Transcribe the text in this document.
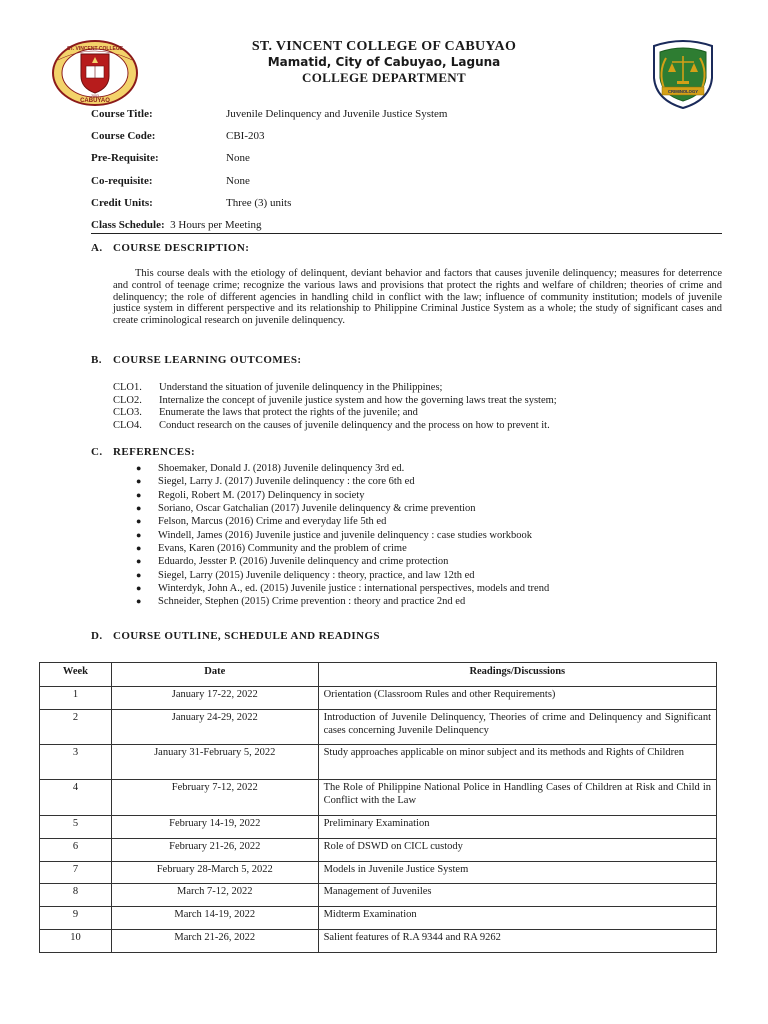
ST. VINCENT COLLEGE
CABUYAO
2003
CRIMINOLOGY
ST. VINCENT COLLEGE OF CABUYAO
Mamatid, City of Cabuyao, Laguna
COLLEGE DEPARTMENT
Course Title:	Juvenile Delinquency and Juvenile Justice System
Course Code:	CBI-203
Pre-Requisite:	None
Co-requisite:	None
Credit Units:	Three (3) units
Class Schedule: 3 Hours per Meeting
A. COURSE DESCRIPTION:
This course deals with the etiology of delinquent, deviant behavior and factors that causes juvenile delinquency; measures for deterrence and control of teenage crime; recognize the various laws and provisions that protect the rights and welfare of children; theories of crime and delinquency; the role of different agencies in handling child in conflict with the law; influence of community institution; models of juvenile justice system in different perspective and its relationship to Philippine Criminal Justice System as a whole; the study of significant cases and create criminological research on juvenile delinquency.
B. COURSE LEARNING OUTCOMES:
CLO1. Understand the situation of juvenile delinquency in the Philippines;
CLO2. Internalize the concept of juvenile justice system and how the governing laws treat the system;
CLO3. Enumerate the laws that protect the rights of the juvenile; and
CLO4. Conduct research on the causes of juvenile delinquency and the process on how to prevent it.
C. REFERENCES:
● Shoemaker, Donald J. (2018) Juvenile delinquency 3rd ed.
● Siegel, Larry J. (2017) Juvenile delinquency : the core 6th ed
● Regoli, Robert M. (2017) Delinquency in society
● Soriano, Oscar Gatchalian (2017) Juvenile delinquency & crime prevention
● Felson, Marcus (2016) Crime and everyday life 5th ed
● Windell, James (2016) Juvenile justice and juvenile delinquency : case studies workbook
● Evans, Karen (2016) Community and the problem of crime
● Eduardo, Jesster P. (2016) Juvenile delinquency and crime protection
● Siegel, Larry (2015) Juvenile deliquency : theory, practice, and law 12th ed
● Winterdyk, John A., ed. (2015) Juvenile justice : international perspectives, models and trend
● Schneider, Stephen (2015) Crime prevention : theory and practice 2nd ed
D. COURSE OUTLINE, SCHEDULE AND READINGS
Week	Date	Readings/Discussions
1	January 17-22, 2022	Orientation (Classroom Rules and other Requirements)
2	January 24-29, 2022	Introduction of Juvenile Delinquency, Theories of crime and Delinquency and Significant cases concerning Juvenile Delinquency
3	January 31-February 5, 2022	Study approaches applicable on minor subject and its methods and Rights of Children
4	February 7-12, 2022	The Role of Philippine National Police in Handling Cases of Children at Risk and Child in Conflict with the Law
5	February 14-19, 2022	Preliminary Examination
6	February 21-26, 2022	Role of DSWD on CICL custody
7	February 28-March 5, 2022	Models in Juvenile Justice System
8	March 7-12, 2022	Management of Juveniles
9	March 14-19, 2022	Midterm Examination
10	March 21-26, 2022	Salient features of R.A 9344 and RA 9262
